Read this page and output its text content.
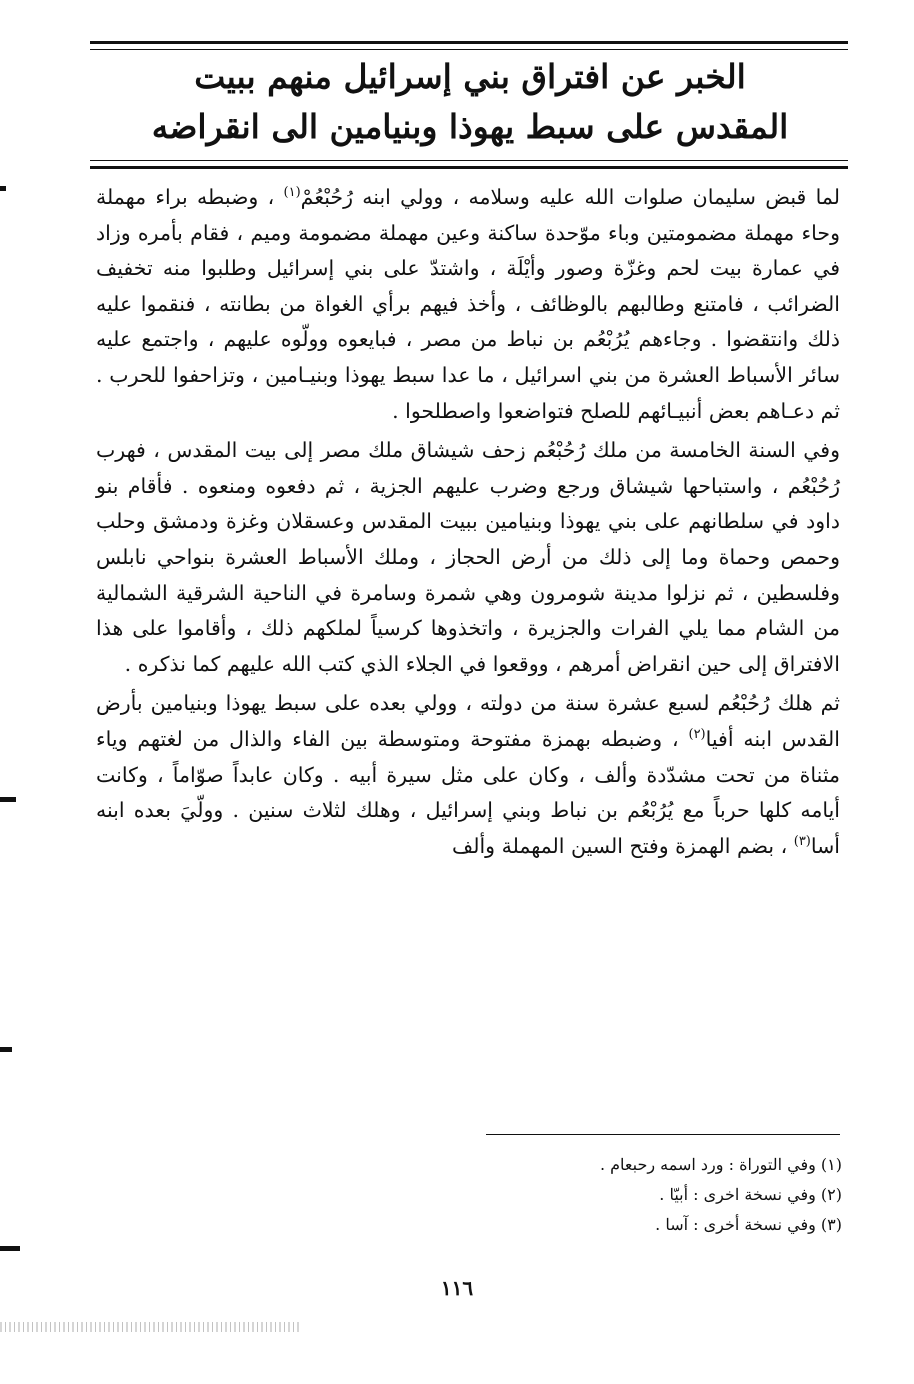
الخبر عن افتراق بني إسرائيل منهم ببيت
المقدس على سبط يهوذا وبنيامين الى انقراضه

لما قبض سليمان صلوات الله عليه وسلامه ، وولي ابنه رُحُبْعُمْ$^{(١)}$ ، وضبطه براء مهملة وحاء مهملة مضمومتين وباء موّحدة ساكنة وعين مهملة مضمومة وميم ، فقام بأمره وزاد في عمارة بيت لحم وغزّة وصور وأيْلَة ، واشتدّ على بني إسرائيل وطلبوا منه تخفيف الضرائب ، فامتنع وطالبهم بالوظائف ، وأخذ فيهم برأي الغواة من بطانته ، فنقموا عليه ذلك وانتقضوا . وجاءهم يُرُبْعُم بن نباط من مصر ، فبايعوه وولّوه عليهم ، واجتمع عليه سائر الأسباط العشرة من بني اسرائيل ، ما عدا سبط يهوذا وبنيـامين ، وتزاحفوا للحرب . ثم دعـاهم بعض أنبيـائهم للصلح فتواضعوا واصطلحوا .

وفي السنة الخامسة من ملك رُحُبْعُم زحف شيشاق ملك مصر إلى بيت المقدس ، فهرب رُحُبْعُم ، واستباحها شيشاق ورجع وضرب عليهم الجزية ، ثم دفعوه ومنعوه . فأقام بنو داود في سلطانهم على بني يهوذا وبنيامين ببيت المقدس وعسقلان وغزة ودمشق وحلب وحمص وحماة وما إلى ذلك من أرض الحجاز ، وملك الأسباط العشرة بنواحي نابلس وفلسطين ، ثم نزلوا مدينة شومرون وهي شمرة وسامرة في الناحية الشرقية الشمالية من الشام مما يلي الفرات والجزيرة ، واتخذوها كرسياً لملكهم ذلك ، وأقاموا على هذا الافتراق إلى حين انقراض أمرهم ، ووقعوا في الجلاء الذي كتب الله عليهم كما نذكره .

ثم هلك رُحُبْعُم لسبع عشرة سنة من دولته ، وولي بعده على سبط يهوذا وبنيامين بأرض القدس ابنه أفيا$^{(٢)}$ ، وضبطه بهمزة مفتوحة ومتوسطة بين الفاء والذال من لغتهم وياء مثناة من تحت مشدّدة وألف ، وكان على مثل سيرة أبيه . وكان عابداً صوّاماً ، وكانت أيامه كلها حرباً مع يُرُبْعُم بن نباط وبني إسرائيل ، وهلك لثلاث سنين . وولّيَ بعده ابنه أسا$^{(٣)}$ ، بضم الهمزة وفتح السين المهملة وألف

(١) وفي التوراة : ورد اسمه رحبعام .
(٢) وفي نسخة اخرى : أبيّا .
(٣) وفي نسخة أخرى : آسا .
١١٦
